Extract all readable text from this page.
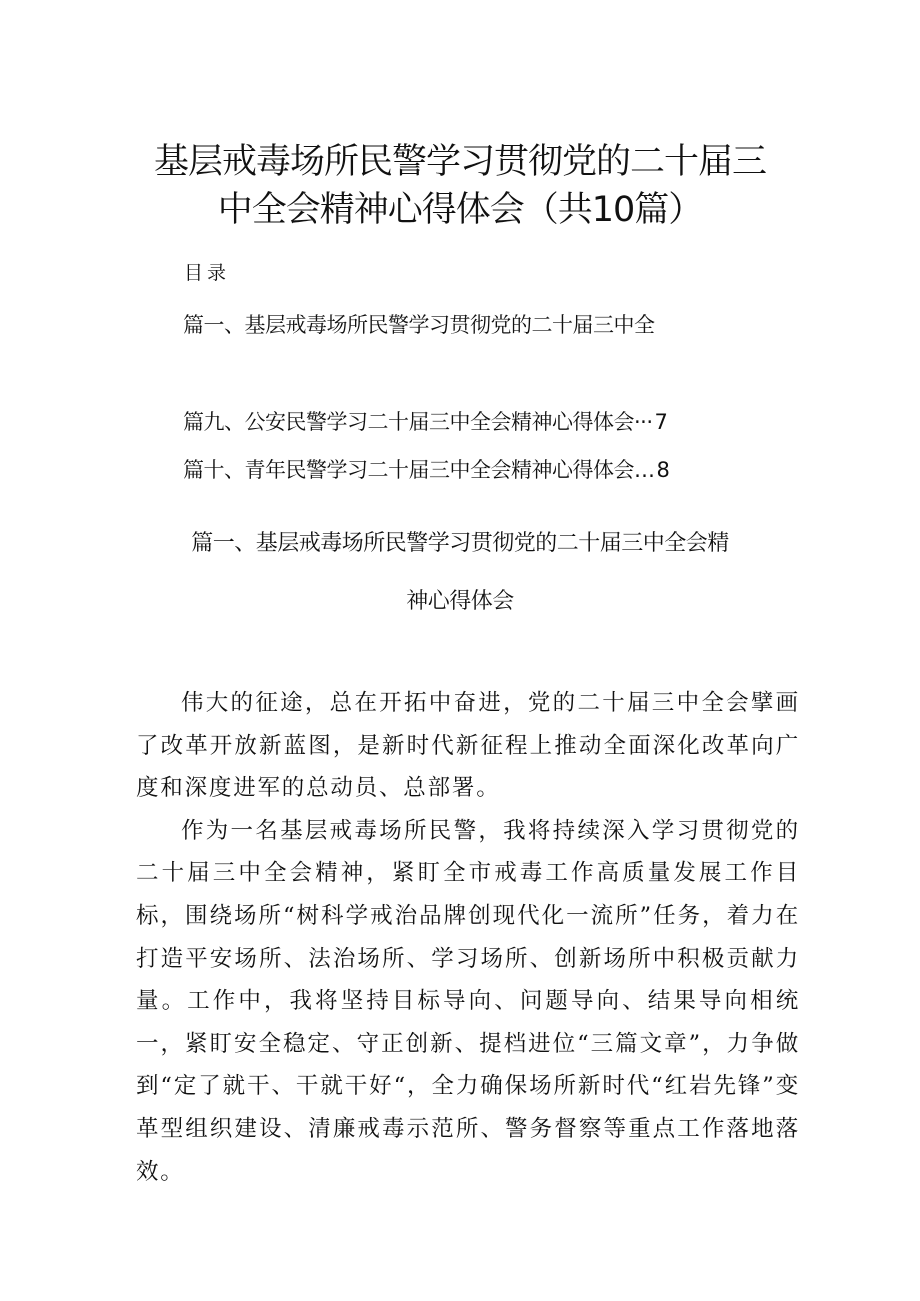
基层戒毒场所民警学习贯彻党的二十届三
中全会精神心得体会（共10篇）
目录
篇一、基层戒毒场所民警学习贯彻党的二十届三中全
篇九、公安民警学习二十届三中全会精神心得体会···7
篇十、青年民警学习二十届三中全会精神心得体会…8
篇一、基层戒毒场所民警学习贯彻党的二十届三中全会精
神心得体会

伟大的征途，总在开拓中奋进，党的二十届三中全会擘画了改革开放新蓝图，是新时代新征程上推动全面深化改革向广度和深度进军的总动员、总部署。

作为一名基层戒毒场所民警，我将持续深入学习贯彻党的二十届三中全会精神，紧盯全市戒毒工作高质量发展工作目标，围绕场所“树科学戒治品牌创现代化一流所”任务，着力在打造平安场所、法治场所、学习场所、创新场所中积极贡献力量。工作中，我将坚持目标导向、问题导向、结果导向相统一，紧盯安全稳定、守正创新、提档进位“三篇文章”，力争做到“定了就干、干就干好“，全力确保场所新时代“红岩先锋”变革型组织建设、清廉戒毒示范所、警务督察等重点工作落地落效。
